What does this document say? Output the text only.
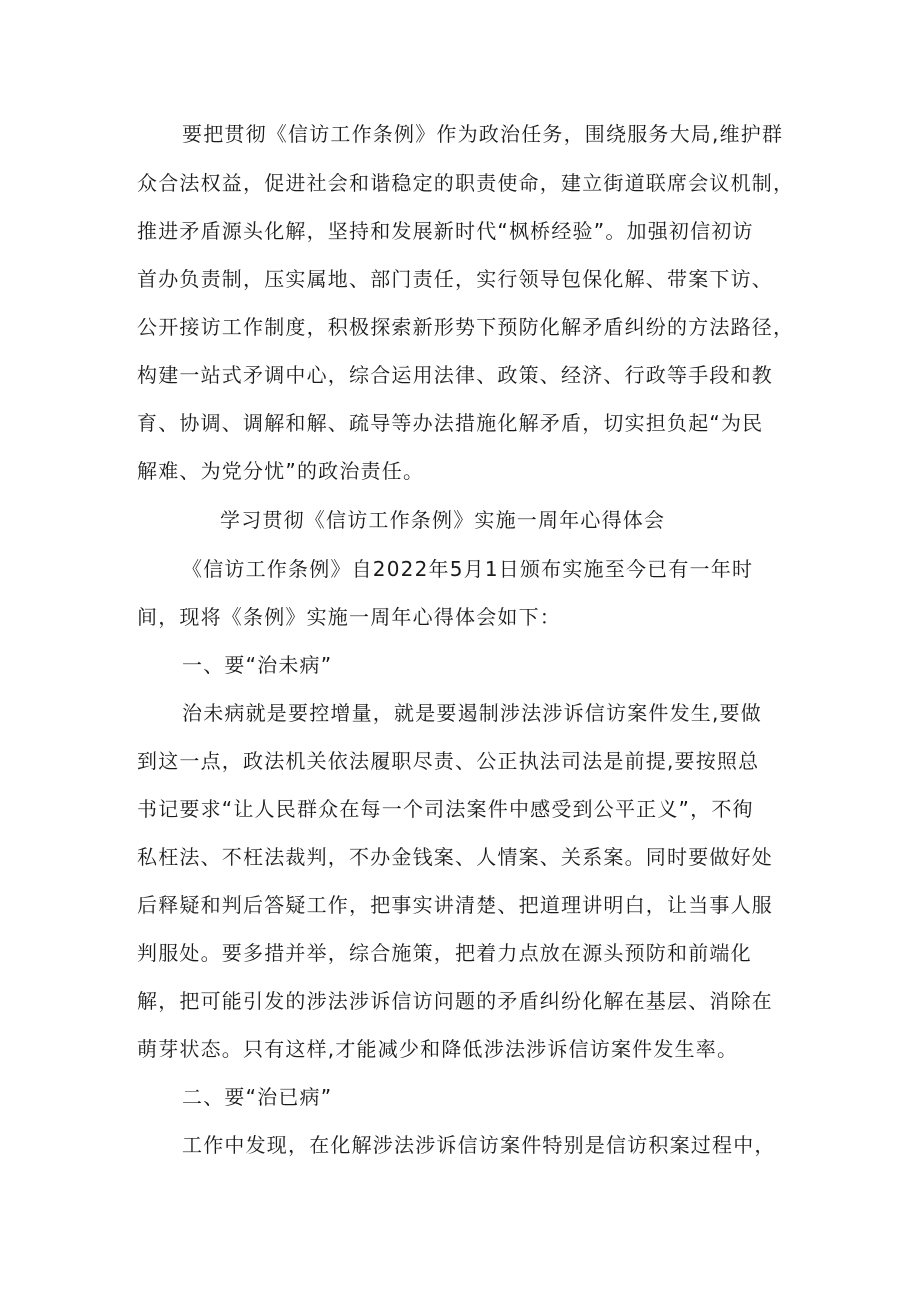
要把贯彻《信访工作条例》作为政治任务，围绕服务大局,维护群
众合法权益，促进社会和谐稳定的职责使命，建立街道联席会议机制，
推进矛盾源头化解，坚持和发展新时代“枫桥经验”。加强初信初访
首办负责制，压实属地、部门责任，实行领导包保化解、带案下访、
公开接访工作制度，积极探索新形势下预防化解矛盾纠纷的方法路径，
构建一站式矛调中心，综合运用法律、政策、经济、行政等手段和教
育、协调、调解和解、疏导等办法措施化解矛盾，切实担负起“为民
解难、为党分忧”的政治责任。
学习贯彻《信访工作条例》实施一周年心得体会
《信访工作条例》自2022年5月1日颁布实施至今已有一年时
间，现将《条例》实施一周年心得体会如下：
一、要“治未病”
治未病就是要控增量，就是要遏制涉法涉诉信访案件发生,要做
到这一点，政法机关依法履职尽责、公正执法司法是前提,要按照总
书记要求“让人民群众在每一个司法案件中感受到公平正义”，不徇
私枉法、不枉法裁判，不办金钱案、人情案、关系案。同时要做好处
后释疑和判后答疑工作，把事实讲清楚、把道理讲明白，让当事人服
判服处。要多措并举，综合施策，把着力点放在源头预防和前端化
解，把可能引发的涉法涉诉信访问题的矛盾纠纷化解在基层、消除在
萌芽状态。只有这样,才能减少和降低涉法涉诉信访案件发生率。
二、要“治已病”
工作中发现，在化解涉法涉诉信访案件特别是信访积案过程中，
